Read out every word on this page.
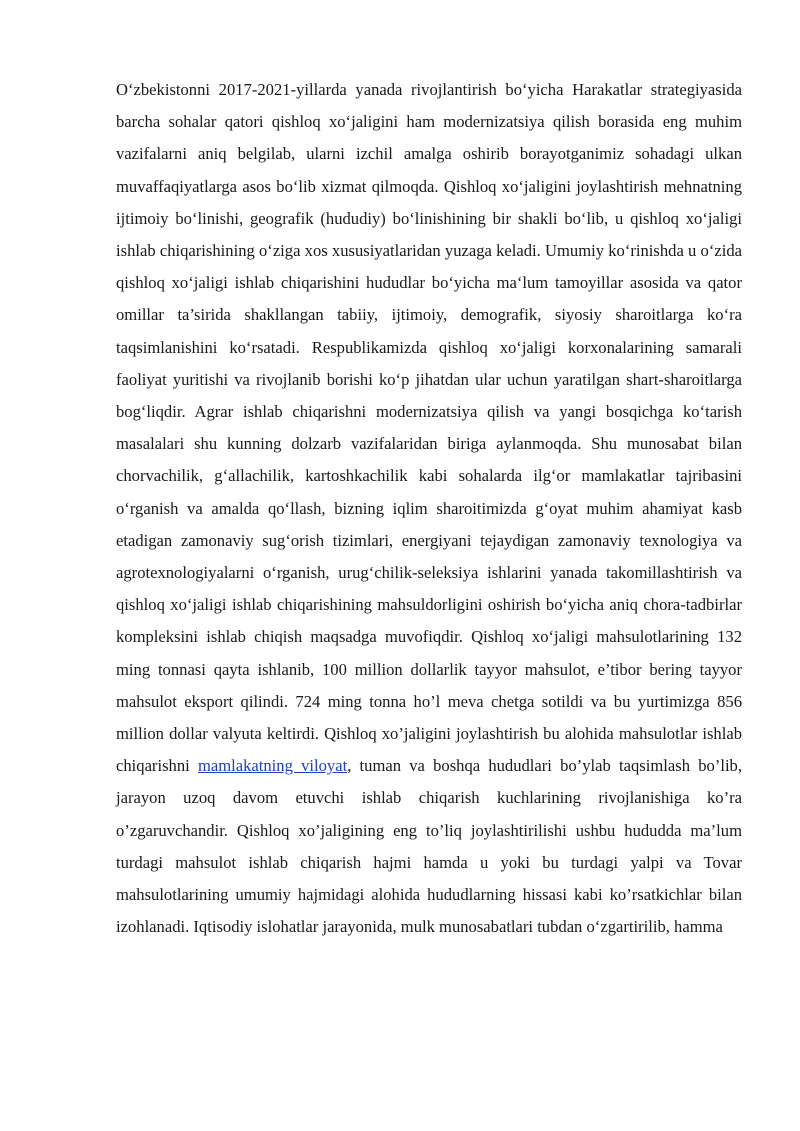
O‘zbekistonni 2017-2021-yillarda yanada rivojlantirish bo‘yicha Harakatlar strategiyasida barcha sohalar qatori qishloq xo‘jaligini ham modernizatsiya qilish borasida eng muhim vazifalarni aniq belgilab, ularni izchil amalga oshirib borayotganimiz sohadagi ulkan muvaffaqiyatlarga asos bo‘lib xizmat qilmoqda. Qishloq xo‘jaligini joylashtirish mehnatning ijtimoiy bo‘linishi, geografik (hududiy) bo‘linishining bir shakli bo‘lib, u qishloq xo‘jaligi ishlab chiqarishining o‘ziga xos xususiyatlaridan yuzaga keladi. Umumiy ko‘rinishda u o‘zida qishloq xo‘jaligi ishlab chiqarishini hududlar bo‘yicha ma‘lum tamoyillar asosida va qator omillar ta’sirida shakllangan tabiiy, ijtimoiy, demografik, siyosiy sharoitlarga ko‘ra taqsimlanishini ko‘rsatadi. Respublikamizda qishloq xo‘jaligi korxonalarining samarali faoliyat yuritishi va rivojlanib borishi ko‘p jihatdan ular uchun yaratilgan shart-sharoitlarga bog‘liqdir. Agrar ishlab chiqarishni modernizatsiya qilish va yangi bosqichga ko‘tarish masalalari shu kunning dolzarb vazifalaridan biriga aylanmoqda. Shu munosabat bilan chorvachilik, g‘allachilik, kartoshkachilik kabi sohalarda ilg‘or mamlakatlar tajribasini o‘rganish va amalda qo‘llash, bizning iqlim sharoitimizda g‘oyat muhim ahamiyat kasb etadigan zamonaviy sug‘orish tizimlari, energiyani tejaydigan zamonaviy texnologiya va agrotexnologiyalarni o‘rganish, urug‘chilik-seleksiya ishlarini yanada takomillashtirish va qishloq xo‘jaligi ishlab chiqarishining mahsuldorligini oshirish bo‘yicha aniq chora-tadbirlar kompleksini ishlab chiqish maqsadga muvofiqdir. Qishloq xo‘jaligi mahsulotlarining 132 ming tonnasi qayta ishlanib, 100 million dollarlik tayyor mahsulot, e’tibor bering tayyor mahsulot eksport qilindi. 724 ming tonna ho’l meva chetga sotildi va bu yurtimizga 856 million dollar valyuta keltirdi. Qishloq xo’jaligini joylashtirish bu alohida mahsulotlar ishlab chiqarishni mamlakatning viloyat, tuman va boshqa hududlari bo’ylab taqsimlash bo’lib, jarayon uzoq davom etuvchi ishlab chiqarish kuchlarining rivojlanishiga ko’ra o’zgaruvchandir. Qishloq xo’jaligining eng to’liq joylashtirilishi ushbu hududda ma’lum turdagi mahsulot ishlab chiqarish hajmi hamda u yoki bu turdagi yalpi va Tovar mahsulotlarining umumiy hajmidagi alohida hududlarning hissasi kabi ko’rsatkichlar bilan izohlanadi. Iqtisodiy islohatlar jarayonida, mulk munosabatlari tubdan o‘zgartirilib, hamma
